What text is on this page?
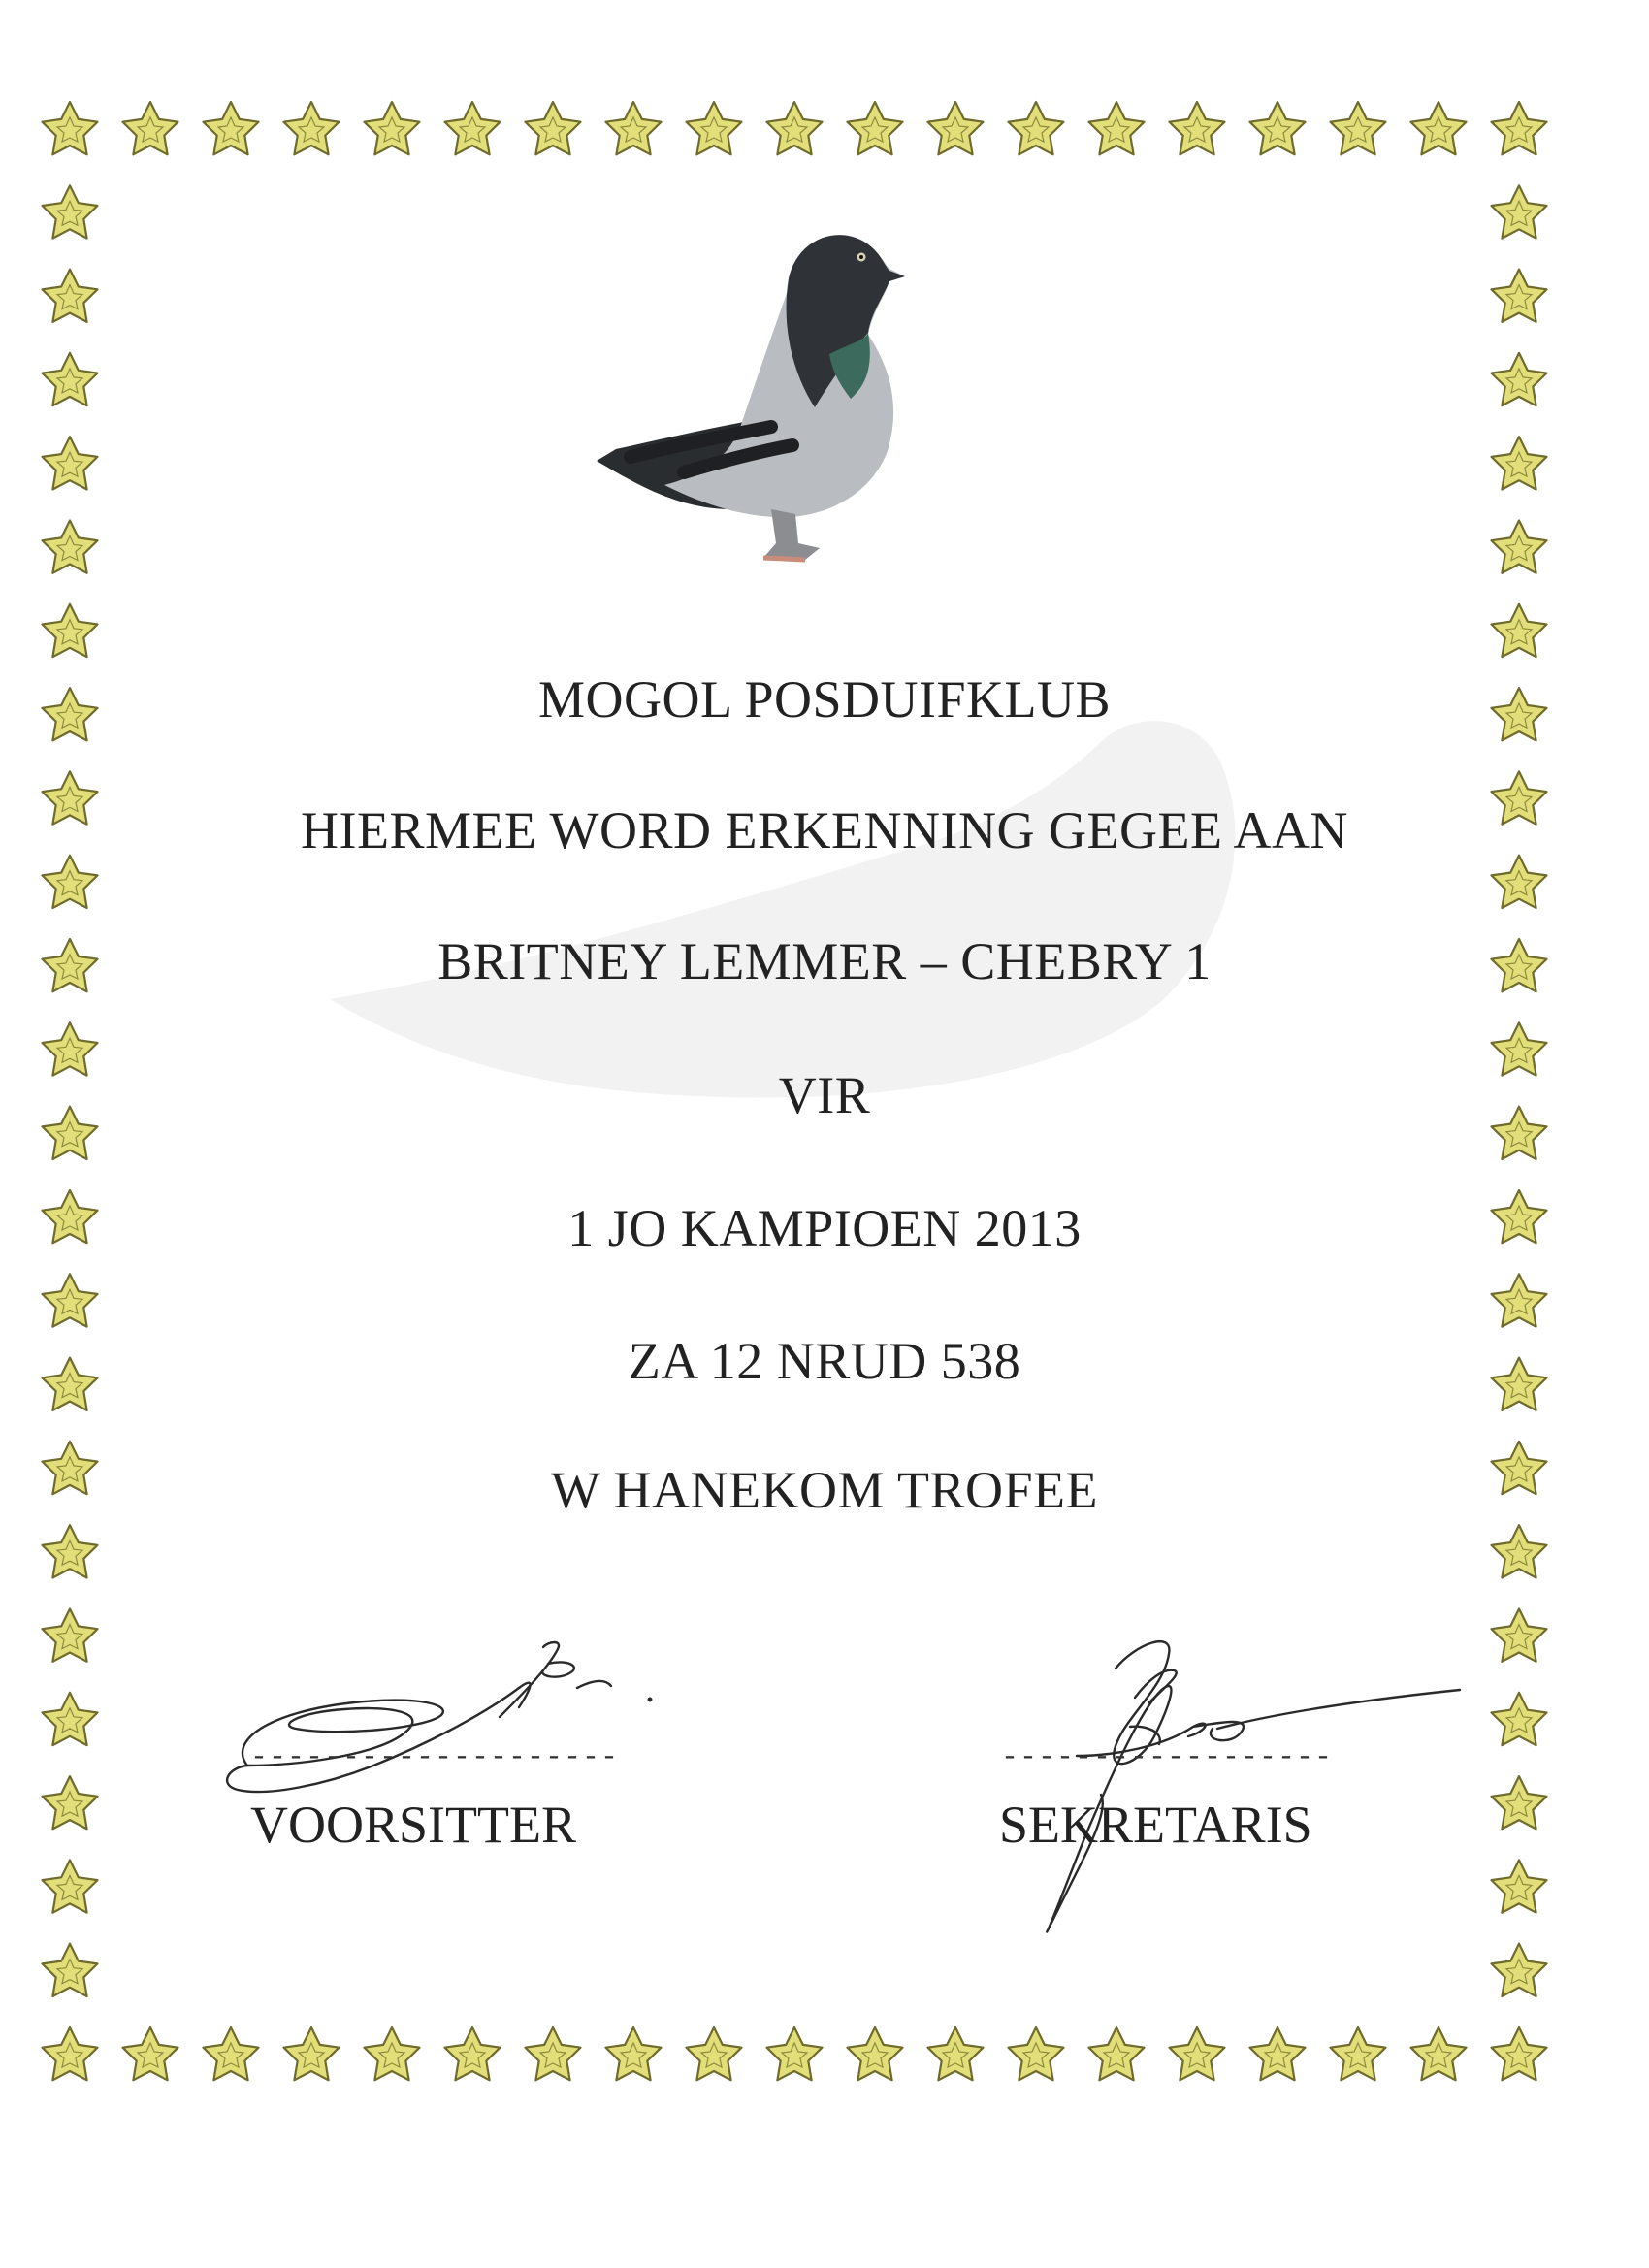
MOGOL POSDUIFKLUB
HIERMEE WORD ERKENNING GEGEE AAN
BRITNEY LEMMER – CHEBRY 1
VIR
1 JO KAMPIOEN 2013
ZA 12 NRUD 538
W HANEKOM TROFEE
--------------------
VOORSITTER
------------------
SEKRETARIS
